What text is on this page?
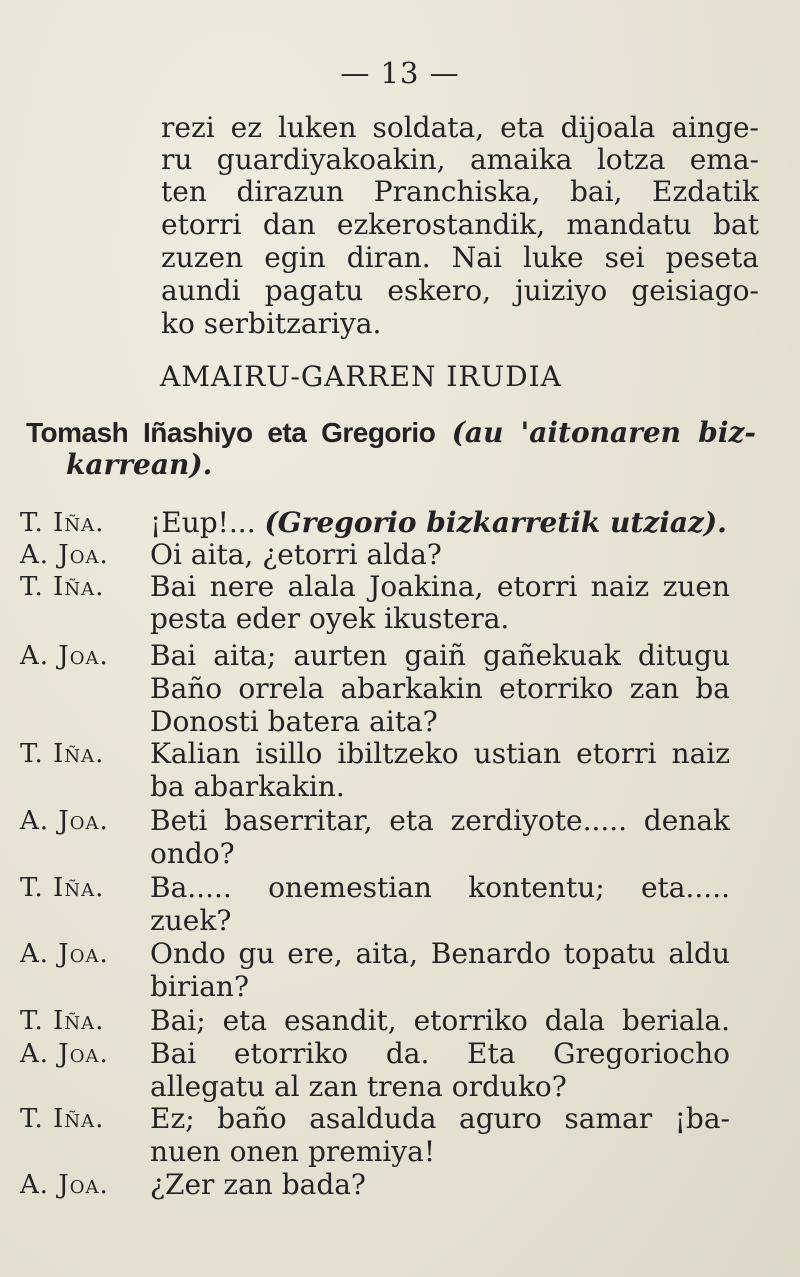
— 13 —
rezi ez luken soldata, eta dijoala ainge-
ru guardiyakoakin, amaika lotza ema-
ten dirazun Pranchiska, bai, Ezdatik
etorri dan ezkerostandik, mandatu bat
zuzen egin diran. Nai luke sei peseta
aundi pagatu eskero, juiziyo geisiago-
ko serbitzariya.
AMAIRU-GARREN IRUDIA
Tomash Iñashiyo eta Gregorio (au 'aitonaren biz-
karrean).
T. Iña. ¡Eup!... (Gregorio bizkarretik utziaz).
A. Joa. Oi aita, ¿etorri alda?
T. Iña. Bai nere alala Joakina, etorri naiz zuen
pesta eder oyek ikustera.
A. Joa. Bai aita; aurten gaiñ gañekuak ditugu
Baño orrela abarkakin etorriko zan ba
Donosti batera aita?
T. Iña. Kalian isillo ibiltzeko ustian etorri naiz
ba abarkakin.
A. Joa. Beti baserritar, eta zerdiyote..... denak
ondo?
T. Iña. Ba..... onemestian kontentu; eta.....
zuek?
A. Joa. Ondo gu ere, aita, Benardo topatu aldu
birian?
T. Iña. Bai; eta esandit, etorriko dala beriala.
A. Joa. Bai etorriko da. Eta Gregoriocho
allegatu al zan trena orduko?
T. Iña. Ez; baño asalduda aguro samar ¡ba-
nuen onen premiya!
A. Joa. ¿Zer zan bada?
